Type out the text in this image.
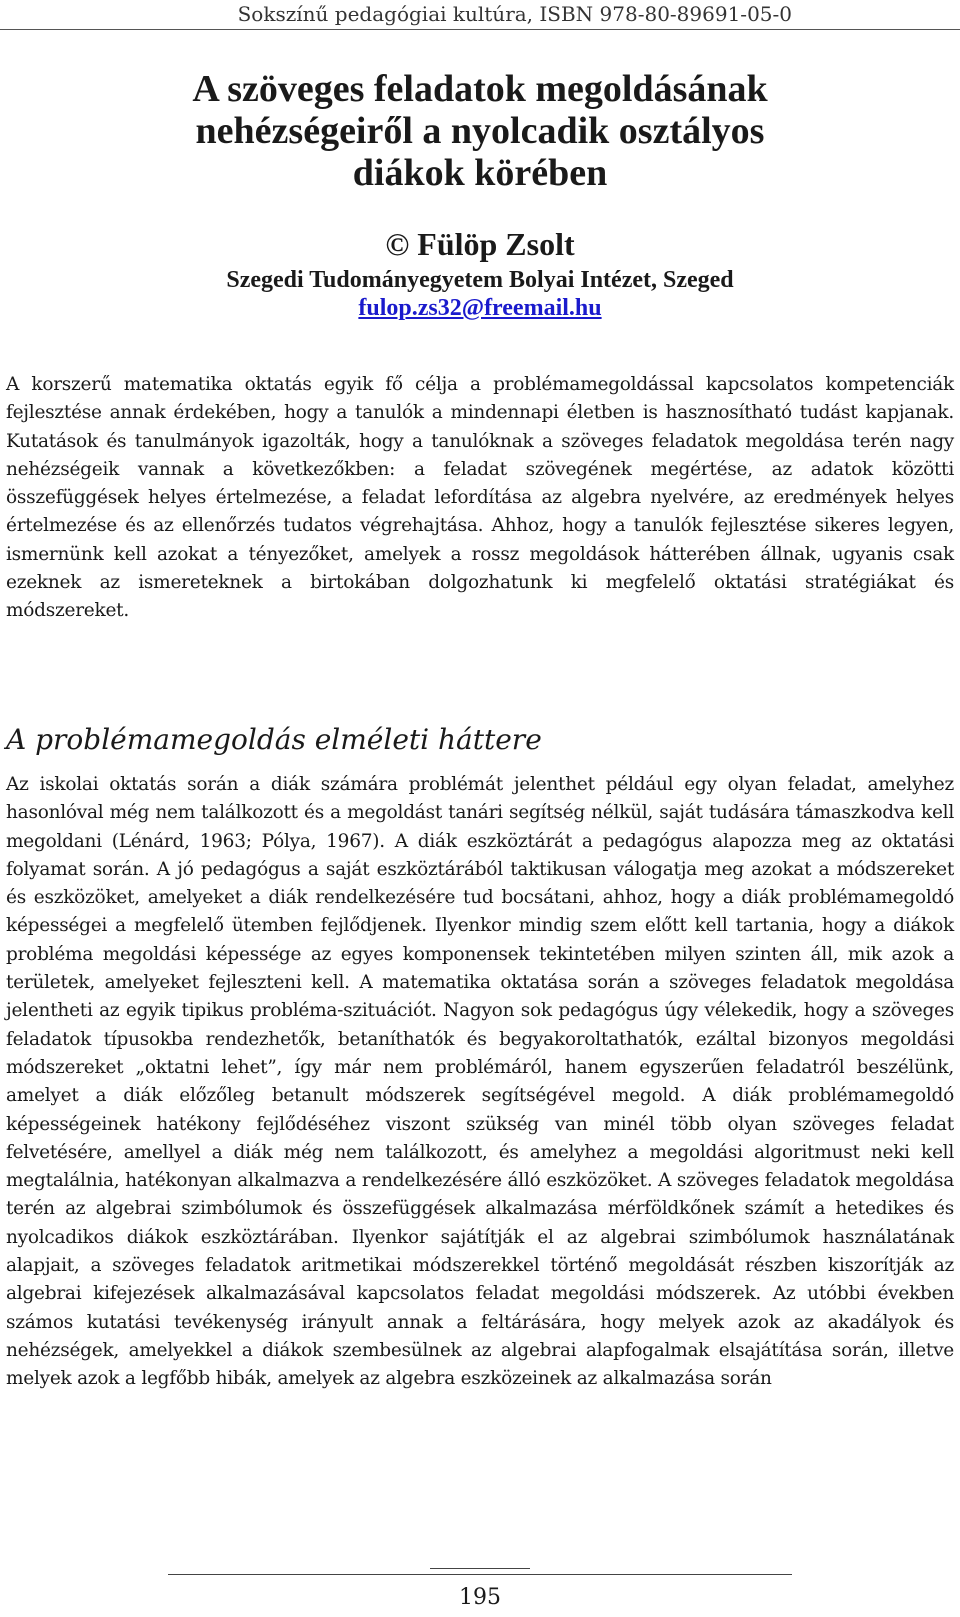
Sokszínű pedagógiai kultúra, ISBN 978-80-89691-05-0
A szöveges feladatok megoldásának
nehézségeiről a nyolcadik osztályos
diákok körében
© Fülöp Zsolt
Szegedi Tudományegyetem Bolyai Intézet, Szeged
fulop.zs32@freemail.hu

A korszerű matematika oktatás egyik fő célja a problémamegoldással kapcsolatos kompetenciák fejlesztése annak érdekében, hogy a tanulók a mindennapi életben is hasznosítható tudást kapjanak. Kutatások és tanulmányok igazolták, hogy a tanulóknak a szöveges feladatok megoldása terén nagy nehézségeik vannak a következőkben: a feladat szövegének megértése, az adatok közötti összefüggések helyes értelmezése, a feladat lefordítása az algebra nyelvére, az eredmények helyes értelmezése és az ellenőrzés tudatos végrehajtása. Ahhoz, hogy a tanulók fejlesztése sikeres legyen, ismernünk kell azokat a tényezőket, amelyek a rossz megoldások hátterében állnak, ugyanis csak ezeknek az ismereteknek a birtokában dolgozhatunk ki megfelelő oktatási stratégiákat és módszereket.

A problémamegoldás elméleti háttere

Az iskolai oktatás során a diák számára problémát jelenthet például egy olyan feladat, amelyhez hasonlóval még nem találkozott és a megoldást tanári segítség nélkül, saját tudására támaszkodva kell megoldani (Lénárd, 1963; Pólya, 1967). A diák eszköztárát a pedagógus alapozza meg az oktatási folyamat során. A jó pedagógus a saját eszköztárából taktikusan válogatja meg azokat a módszereket és eszközöket, amelyeket a diák rendelkezésére tud bocsátani, ahhoz, hogy a diák problémamegoldó képességei a megfelelő ütemben fejlődjenek. Ilyenkor mindig szem előtt kell tartania, hogy a diákok probléma megoldási képessége az egyes komponensek tekintetében milyen szinten áll, mik azok a területek, amelyeket fejleszteni kell. A matematika oktatása során a szöveges feladatok megoldása jelentheti az egyik tipikus probléma-szituációt. Nagyon sok pedagógus úgy vélekedik, hogy a szöveges feladatok típusokba rendezhetők, betaníthatók és begyakoroltathatók, ezáltal bizonyos megoldási módszereket „oktatni lehet”, így már nem problémáról, hanem egyszerűen feladatról beszélünk, amelyet a diák előzőleg betanult módszerek segítségével megold. A diák problémamegoldó képességeinek hatékony fejlődéséhez viszont szükség van minél több olyan szöveges feladat felvetésére, amellyel a diák még nem találkozott, és amelyhez a megoldási algoritmust neki kell megtalálnia, hatékonyan alkalmazva a rendelkezésére álló eszközöket. A szöveges feladatok megoldása terén az algebrai szimbólumok és összefüggések alkalmazása mérföldkőnek számít a hetedikes és nyolcadikos diákok eszköztárában. Ilyenkor sajátítják el az algebrai szimbólumok használatának alapjait, a szöveges feladatok aritmetikai módszerekkel történő megoldását részben kiszorítják az algebrai kifejezések alkalmazásával kapcsolatos feladat megoldási módszerek. Az utóbbi években számos kutatási tevékenység irányult annak a feltárására, hogy melyek azok az akadályok és nehézségek, amelyekkel a diákok szembesülnek az algebrai alapfogalmak elsajátítása során, illetve melyek azok a legfőbb hibák, amelyek az algebra eszközeinek az alkalmazása során

195
